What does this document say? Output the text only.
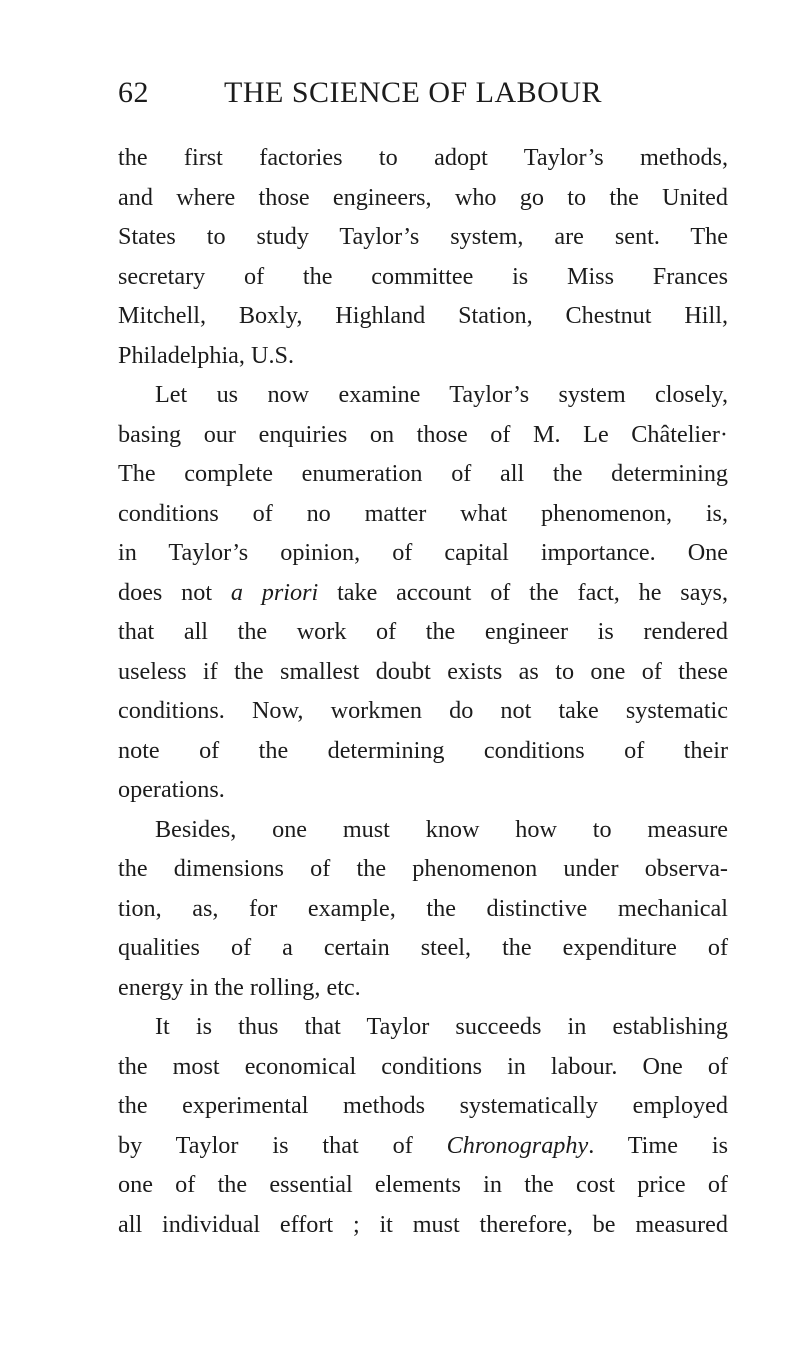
62	THE SCIENCE OF LABOUR
the first factories to adopt Taylor’s methods,
and where those engineers, who go to the United
States to study Taylor’s system, are sent. The
secretary of the committee is Miss Frances
Mitchell, Boxly, Highland Station, Chestnut Hill,
Philadelphia, U.S.
Let us now examine Taylor’s system closely,
basing our enquiries on those of M. Le Châtelier·
The complete enumeration of all the determining
conditions of no matter what phenomenon, is,
in Taylor’s opinion, of capital importance. One
does not a priori take account of the fact, he says,
that all the work of the engineer is rendered
useless if the smallest doubt exists as to one of these
conditions. Now, workmen do not take systematic
note of the determining conditions of their
operations.
Besides, one must know how to measure
the dimensions of the phenomenon under observa-
tion, as, for example, the distinctive mechanical
qualities of a certain steel, the expenditure of
energy in the rolling, etc.
It is thus that Taylor succeeds in establishing
the most economical conditions in labour. One of
the experimental methods systematically employed
by Taylor is that of Chronography. Time is
one of the essential elements in the cost price of
all individual effort ; it must therefore, be measured
